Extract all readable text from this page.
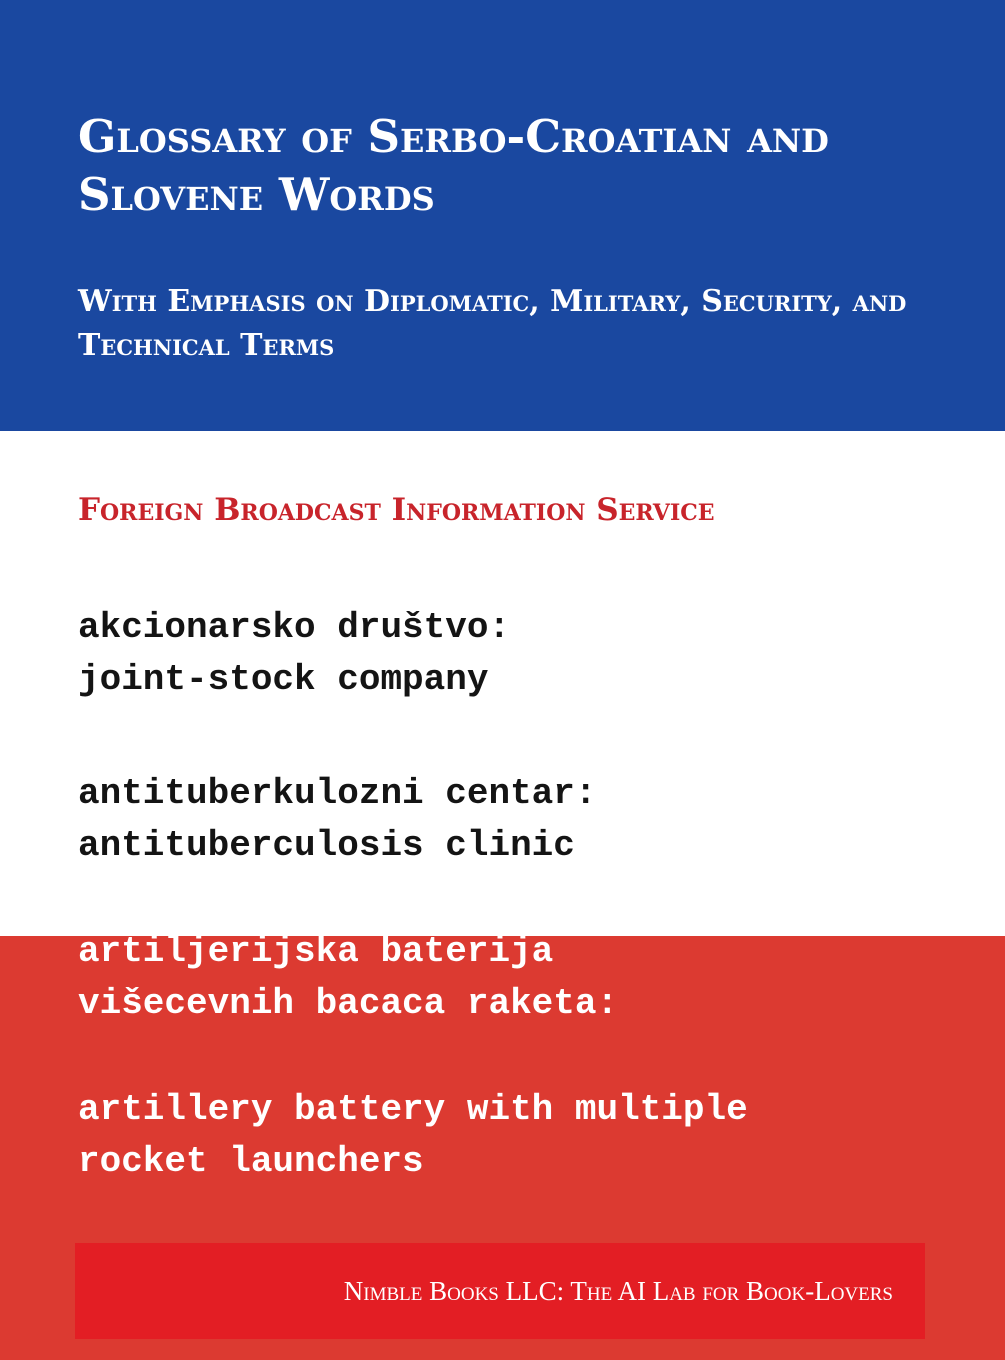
Glossary of Serbo-Croatian and Slovene Words
With Emphasis on Diplomatic, Military, Security, and Technical Terms

Foreign Broadcast Information Service

akcionarsko društvo:
joint-stock company
antituberkulozni centar:
antituberculosis clinic
artiljerijska baterija
višecevnih bacaca raketa:
artillery battery with multiple
rocket launchers

Nimble Books LLC: The AI Lab for Book-Lovers
